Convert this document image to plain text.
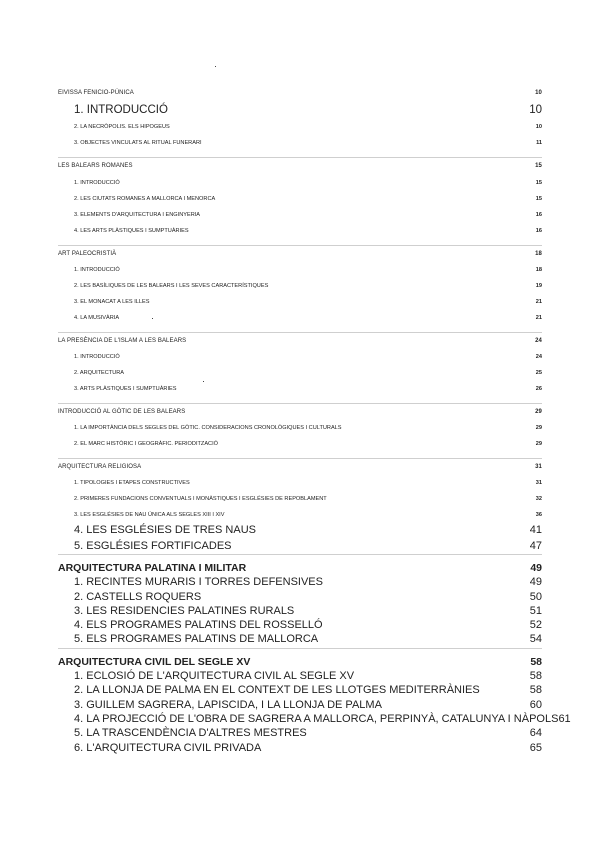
EIVISSA FENICIO-PÚNICA	10
1. INTRODUCCIÓ	10
2. LA NECRÒPOLIS. ELS HIPOGEUS	10
3. OBJECTES VINCULATS AL RITUAL FUNERARI	11
LES BALEARS ROMANES	15
1. INTRODUCCIÓ	15
2. LES CIUTATS ROMANES A MALLORCA I MENORCA	15
3. ELEMENTS D'ARQUITECTURA I ENGINYERIA	16
4. LES ARTS PLÀSTIQUES I SUMPTUÀRIES	16
ART PALEOCRISTIÀ	18
1. INTRODUCCIÓ	18
2. LES BASÍLIQUES DE LES BALEARS I LES SEVES CARACTERÍSTIQUES	19
3. EL MONACAT A LES ILLES	21
4. LA MUSIVÀRIA	21
LA PRESÈNCIA DE L'ISLAM A LES BALEARS	24
1. INTRODUCCIÓ	24
2. ARQUITECTURA	25
3. ARTS PLÀSTIQUES I SUMPTUÀRIES	26
INTRODUCCIÓ AL GÒTIC DE LES BALEARS	29
1. LA IMPORTÀNCIA DELS SEGLES DEL GÒTIC. CONSIDERACIONS CRONOLÒGIQUES I CULTURALS	29
2. EL MARC HISTÒRIC I GEOGRÀFIC. PERIODITZACIÓ	29
ARQUITECTURA RELIGIOSA	31
1. TIPOLOGIES I ETAPES CONSTRUCTIVES	31
2. PRIMERES FUNDACIONS CONVENTUALS I MONÀSTIQUES I ESGLÉSIES DE REPOBLAMENT	32
3. LES ESGLÉSIES DE NAU ÚNICA ALS SEGLES XIII I XIV	36
4. LES ESGLÉSIES DE TRES NAUS	41
5. ESGLÉSIES FORTIFICADES	47
ARQUITECTURA PALATINA I MILITAR	49
1. RECINTES MURARIS I TORRES DEFENSIVES	49
2. CASTELLS ROQUERS	50
3. LES RESIDENCIES PALATINES RURALS	51
4. ELS PROGRAMES PALATINS DEL ROSSELLÓ	52
5. ELS PROGRAMES PALATINS DE MALLORCA	54
ARQUITECTURA CIVIL DEL SEGLE XV	58
1. ECLOSIÓ DE L'ARQUITECTURA CIVIL AL SEGLE XV	58
2. LA LLONJA DE PALMA EN EL CONTEXT DE LES LLOTGES MEDITERRÀNIES	58
3. GUILLEM SAGRERA, LAPISCIDA, I LA LLONJA DE PALMA	60
4. LA PROJECCIÓ DE L'OBRA DE SAGRERA A MALLORCA, PERPINYÀ, CATALUNYA I NÀPOLS 61
5. LA TRASCENDÈNCIA D'ALTRES MESTRES	64
6. L'ARQUITECTURA CIVIL PRIVADA	65
